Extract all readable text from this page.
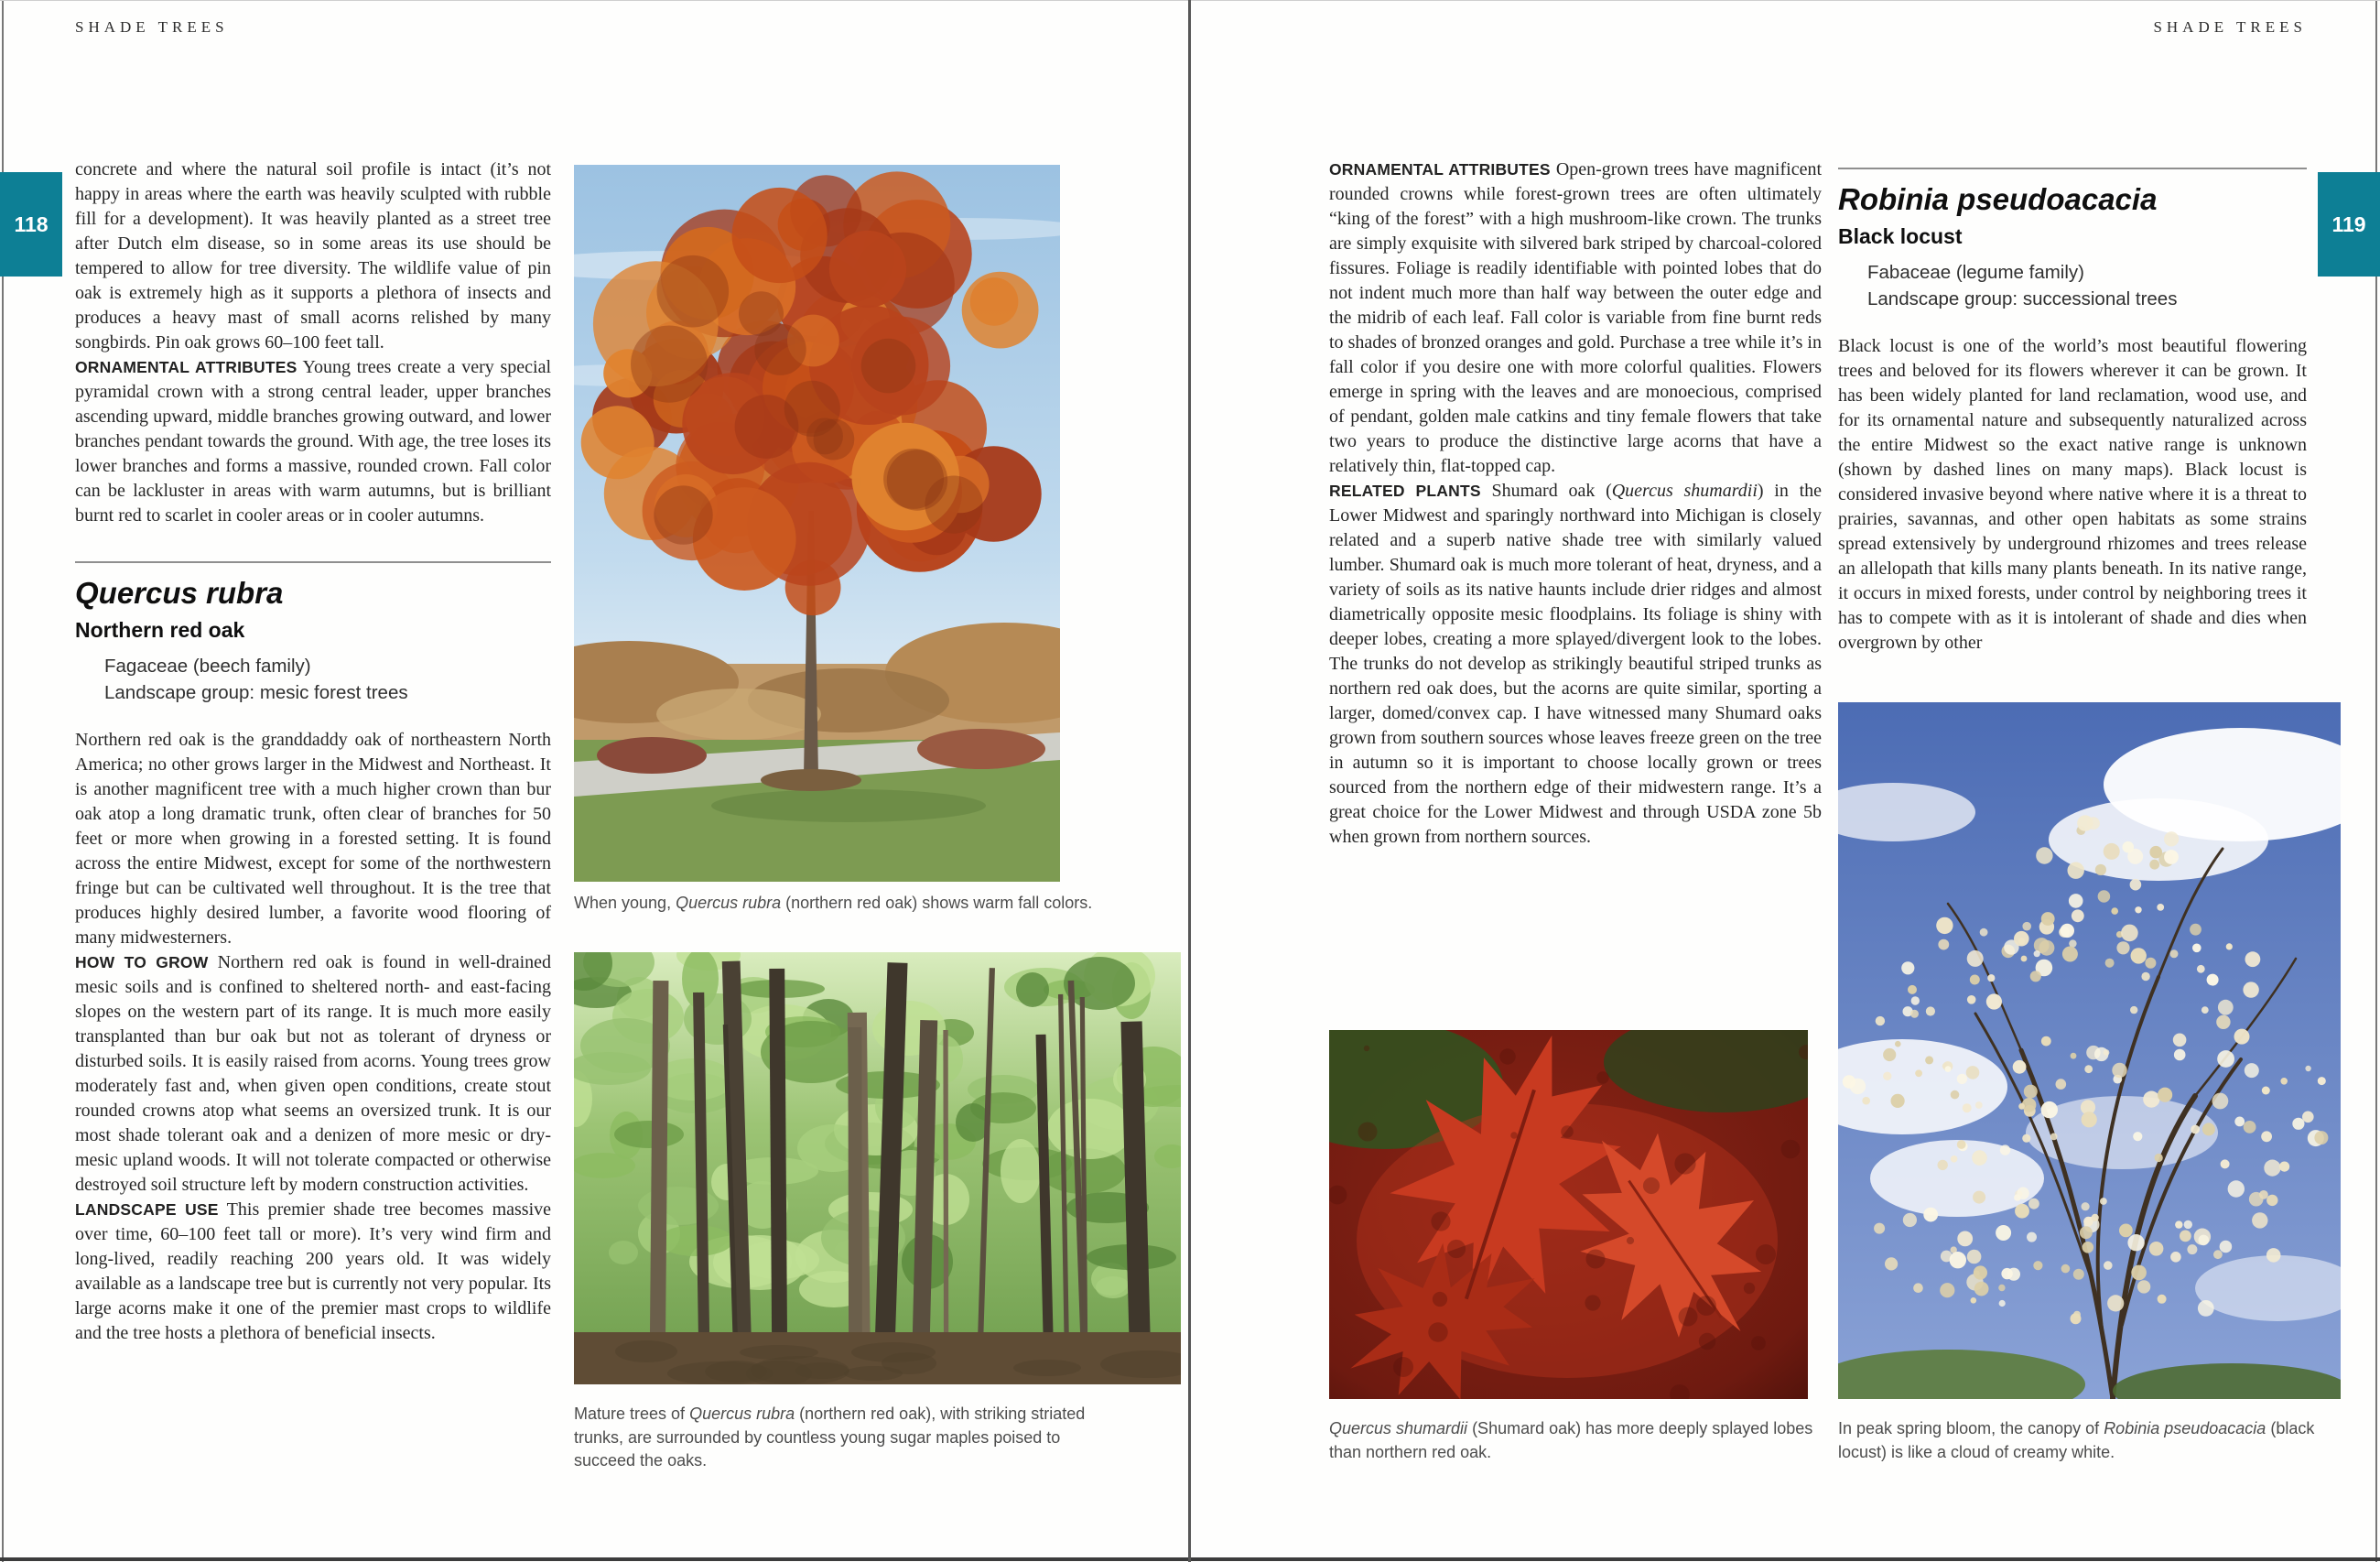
SHADE TREES	SHADE TREES
118	119

concrete and where the natural soil profile is intact (it’s not happy in areas where the earth was heavily sculpted with rubble fill for a development). It was heavily planted as a street tree after Dutch elm disease, so in some areas its use should be tempered to allow for tree diversity. The wildlife value of pin oak is extremely high as it supports a plethora of insects and produces a heavy mast of small acorns relished by many songbirds. Pin oak grows 60–100 feet tall.

ORNAMENTAL ATTRIBUTES Young trees create a very special pyramidal crown with a strong central leader, upper branches ascending upward, middle branches growing outward, and lower branches pendant towards the ground. With age, the tree loses its lower branches and forms a massive, rounded crown. Fall color can be lackluster in areas with warm autumns, but is brilliant burnt red to scarlet in cooler areas or in cooler autumns.

Quercus rubra
Northern red oak
Fagaceae (beech family)
Landscape group: mesic forest trees

Northern red oak is the granddaddy oak of northeastern North America; no other grows larger in the Midwest and Northeast. It is another magnificent tree with a much higher crown than bur oak atop a long dramatic trunk, often clear of branches for 50 feet or more when growing in a forested setting. It is found across the entire Midwest, except for some of the northwestern fringe but can be cultivated well throughout. It is the tree that produces highly desired lumber, a favorite wood flooring of many midwesterners.

HOW TO GROW Northern red oak is found in well-drained mesic soils and is confined to sheltered north- and east-facing slopes on the western part of its range. It is much more easily transplanted than bur oak but not as tolerant of dryness or disturbed soils. It is easily raised from acorns. Young trees grow moderately fast and, when given open conditions, create stout rounded crowns atop what seems an oversized trunk. It is our most shade tolerant oak and a denizen of more mesic or dry-mesic upland woods. It will not tolerate compacted or otherwise destroyed soil structure left by modern construction activities.

LANDSCAPE USE This premier shade tree becomes massive over time, 60–100 feet tall or more). It’s very wind firm and long-lived, readily reaching 200 years old. It was widely available as a landscape tree but is currently not very popular. Its large acorns make it one of the premier mast crops to wildlife and the tree hosts a plethora of beneficial insects.

When young, Quercus rubra (northern red oak) shows warm fall colors.
Mature trees of Quercus rubra (northern red oak), with striking striated trunks, are surrounded by countless young sugar maples poised to succeed the oaks.

ORNAMENTAL ATTRIBUTES Open-grown trees have magnificent rounded crowns while forest-grown trees are often ultimately “king of the forest” with a high mushroom-like crown. The trunks are simply exquisite with silvered bark striped by charcoal-colored fissures. Foliage is readily identifiable with pointed lobes that do not indent much more than half way between the outer edge and the midrib of each leaf. Fall color is variable from fine burnt reds to shades of bronzed oranges and gold. Purchase a tree while it’s in fall color if you desire one with more colorful qualities. Flowers emerge in spring with the leaves and are monoecious, comprised of pendant, golden male catkins and tiny female flowers that take two years to produce the distinctive large acorns that have a relatively thin, flat-topped cap.

RELATED PLANTS Shumard oak (Quercus shumardii) in the Lower Midwest and sparingly northward into Michigan is closely related and a superb native shade tree with similarly valued lumber. Shumard oak is much more tolerant of heat, dryness, and a variety of soils as its native haunts include drier ridges and almost diametrically opposite mesic floodplains. Its foliage is shiny with deeper lobes, creating a more splayed/divergent look to the lobes. The trunks do not develop as strikingly beautiful striped trunks as northern red oak does, but the acorns are quite similar, sporting a larger, domed/convex cap. I have witnessed many Shumard oaks grown from southern sources whose leaves freeze green on the tree in autumn so it is important to choose locally grown or trees sourced from the northern edge of their midwestern range. It’s a great choice for the Lower Midwest and through USDA zone 5b when grown from northern sources.

Quercus shumardii (Shumard oak) has more deeply splayed lobes than northern red oak.
Robinia pseudoacacia
Black locust
Fabaceae (legume family)
Landscape group: successional trees

Black locust is one of the world’s most beautiful flowering trees and beloved for its flowers wherever it can be grown. It has been widely planted for land reclamation, wood use, and for its ornamental nature and subsequently naturalized across the entire Midwest so the exact native range is unknown (shown by dashed lines on many maps). Black locust is considered invasive beyond where native where it is a threat to prairies, savannas, and other open habitats as some strains spread extensively by underground rhizomes and trees release an allelopath that kills many plants beneath. In its native range, it occurs in mixed forests, under control by neighboring trees it has to compete with as it is intolerant of shade and dies when overgrown by other

In peak spring bloom, the canopy of Robinia pseudoacacia (black locust) is like a cloud of creamy white.
